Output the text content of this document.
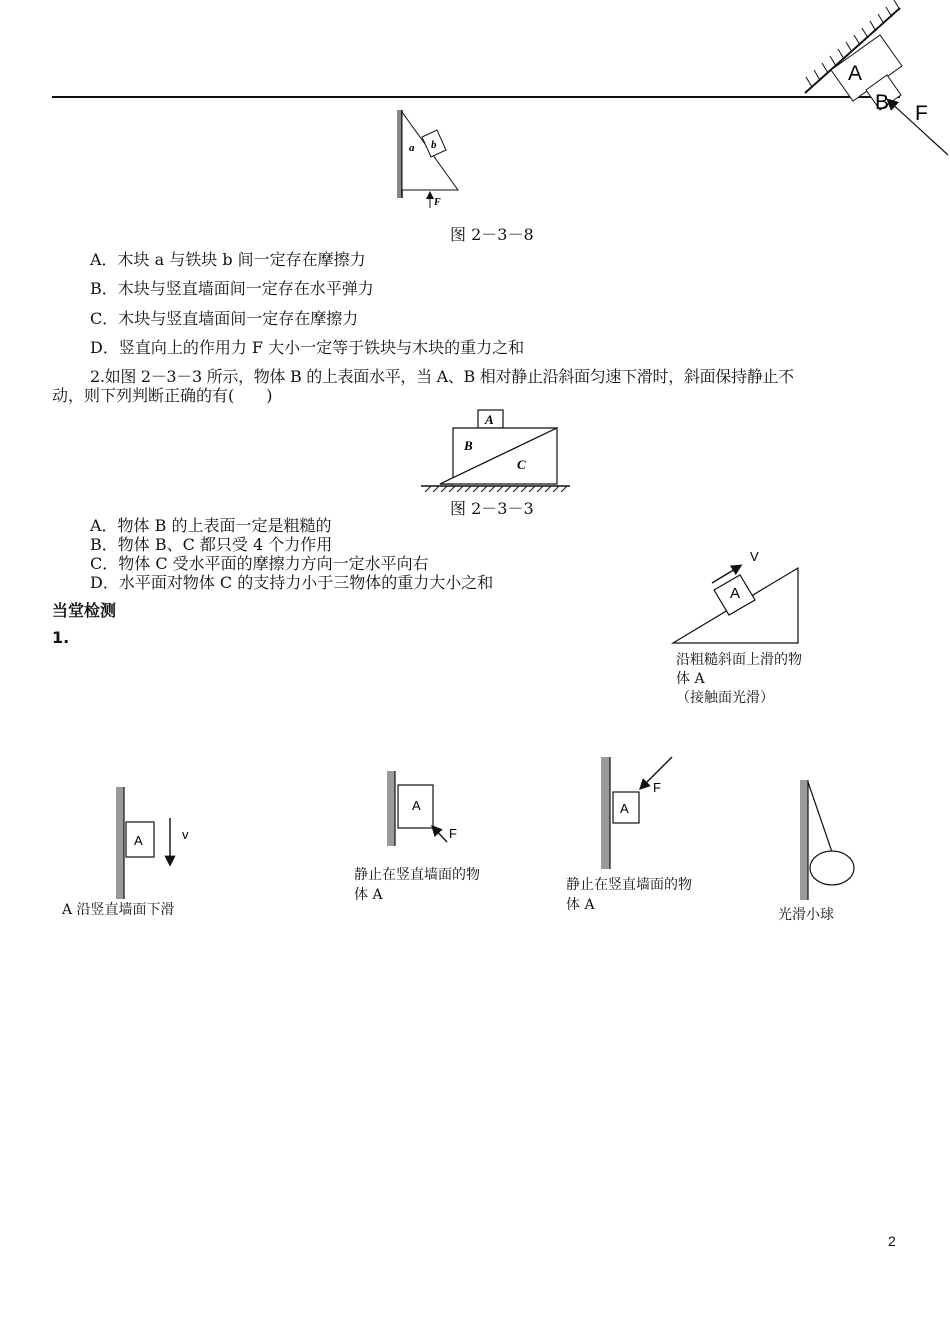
A
B F
a b
F
图 2－3－8
A．木块 a 与铁块 b 间一定存在摩擦力
B．木块与竖直墙面间一定存在水平弹力
C．木块与竖直墙面间一定存在摩擦力
D．竖直向上的作用力 F 大小一定等于铁块与木块的重力之和
2.如图 2－3－3 所示，物体 B 的上表面水平，当 A、B 相对静止沿斜面匀速下滑时，斜面保持静止不
动，则下列判断正确的有(　　)
A
B
C
图 2－3－3
A．物体 B 的上表面一定是粗糙的
B．物体 B、C 都只受 4 个力作用
C．物体 C 受水平面的摩擦力方向一定水平向右
D．水平面对物体 C 的支持力小于三物体的重力大小之和
当堂检测
1.
V
A
沿粗糙斜面上滑的物
体 A
（接触面光滑）
A	v
A 沿竖直墙面下滑
A
F
静止在竖直墙面的物
体 A
A
F
静止在竖直墙面的物
体 A
光滑小球
2
